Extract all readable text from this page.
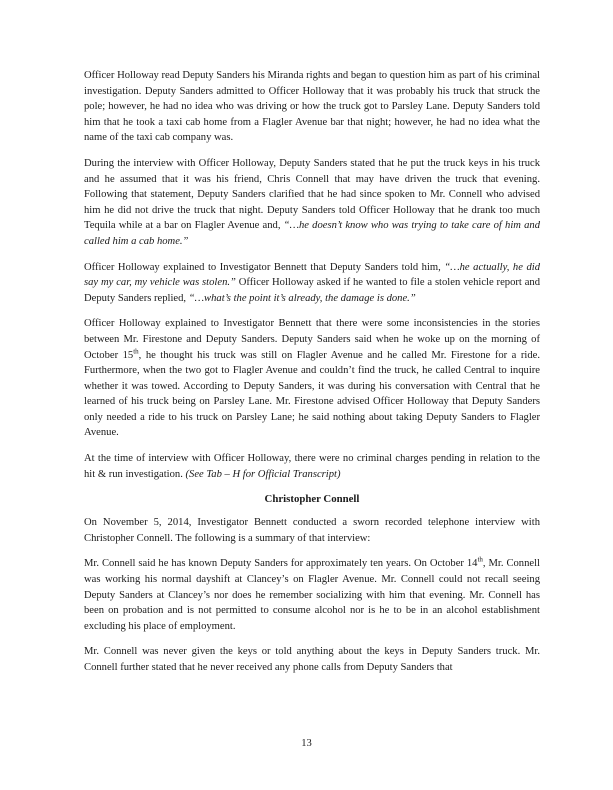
Officer Holloway read Deputy Sanders his Miranda rights and began to question him as part of his criminal investigation. Deputy Sanders admitted to Officer Holloway that it was probably his truck that struck the pole; however, he had no idea who was driving or how the truck got to Parsley Lane. Deputy Sanders told him that he took a taxi cab home from a Flagler Avenue bar that night; however, he had no idea what the name of the taxi cab company was.

During the interview with Officer Holloway, Deputy Sanders stated that he put the truck keys in his truck and he assumed that it was his friend, Chris Connell that may have driven the truck that evening. Following that statement, Deputy Sanders clarified that he had since spoken to Mr. Connell who advised him he did not drive the truck that night. Deputy Sanders told Officer Holloway that he drank too much Tequila while at a bar on Flagler Avenue and, “…he doesn’t know who was trying to take care of him and called him a cab home.”

Officer Holloway explained to Investigator Bennett that Deputy Sanders told him, “…he actually, he did say my car, my vehicle was stolen.” Officer Holloway asked if he wanted to file a stolen vehicle report and Deputy Sanders replied, “…what’s the point it’s already, the damage is done.”

Officer Holloway explained to Investigator Bennett that there were some inconsistencies in the stories between Mr. Firestone and Deputy Sanders. Deputy Sanders said when he woke up on the morning of October 15th, he thought his truck was still on Flagler Avenue and he called Mr. Firestone for a ride. Furthermore, when the two got to Flagler Avenue and couldn’t find the truck, he called Central to inquire whether it was towed. According to Deputy Sanders, it was during his conversation with Central that he learned of his truck being on Parsley Lane. Mr. Firestone advised Officer Holloway that Deputy Sanders only needed a ride to his truck on Parsley Lane; he said nothing about taking Deputy Sanders to Flagler Avenue.

At the time of interview with Officer Holloway, there were no criminal charges pending in relation to the hit & run investigation. (See Tab – H for Official Transcript)

Christopher Connell

On November 5, 2014, Investigator Bennett conducted a sworn recorded telephone interview with Christopher Connell. The following is a summary of that interview:

Mr. Connell said he has known Deputy Sanders for approximately ten years. On October 14th, Mr. Connell was working his normal dayshift at Clancey’s on Flagler Avenue. Mr. Connell could not recall seeing Deputy Sanders at Clancey’s nor does he remember socializing with him that evening. Mr. Connell has been on probation and is not permitted to consume alcohol nor is he to be in an alcohol establishment excluding his place of employment.

Mr. Connell was never given the keys or told anything about the keys in Deputy Sanders truck. Mr. Connell further stated that he never received any phone calls from Deputy Sanders that

13
